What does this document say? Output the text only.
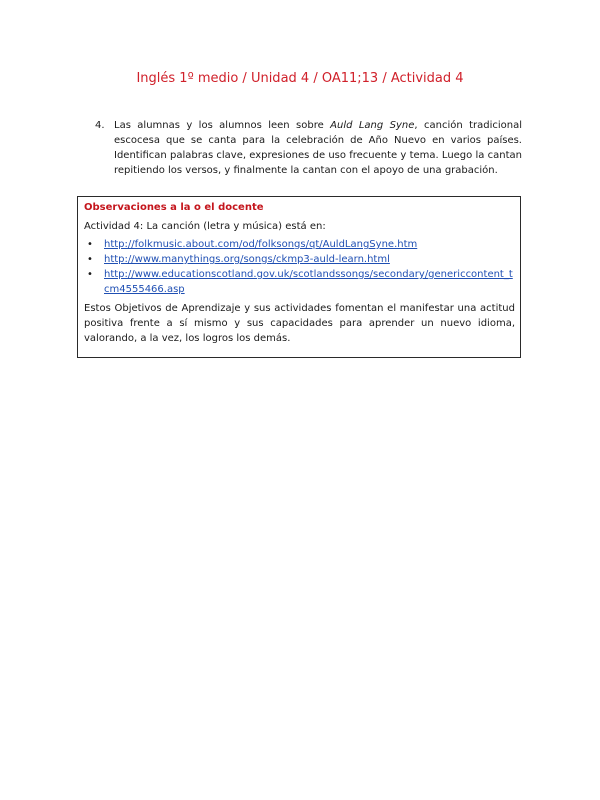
Inglés 1º medio / Unidad 4 / OA11;13 / Actividad 4
4. Las alumnas y los alumnos leen sobre Auld Lang Syne, canción tradicional escocesa que se canta para la celebración de Año Nuevo en varios países. Identifican palabras clave, expresiones de uso frecuente y tema. Luego la cantan repitiendo los versos, y finalmente la cantan con el apoyo de una grabación.

Observaciones a la o el docente

Actividad 4: La canción (letra y música) está en:

• http://folkmusic.about.com/od/folksongs/qt/AuldLangSyne.htm
• http://www.manythings.org/songs/ckmp3-auld-learn.html
• http://www.educationscotland.gov.uk/scotlandssongs/secondary/genericcontent_tcm4555466.asp

Estos Objetivos de Aprendizaje y sus actividades fomentan el manifestar una actitud positiva frente a sí mismo y sus capacidades para aprender un nuevo idioma, valorando, a la vez, los logros los demás.
